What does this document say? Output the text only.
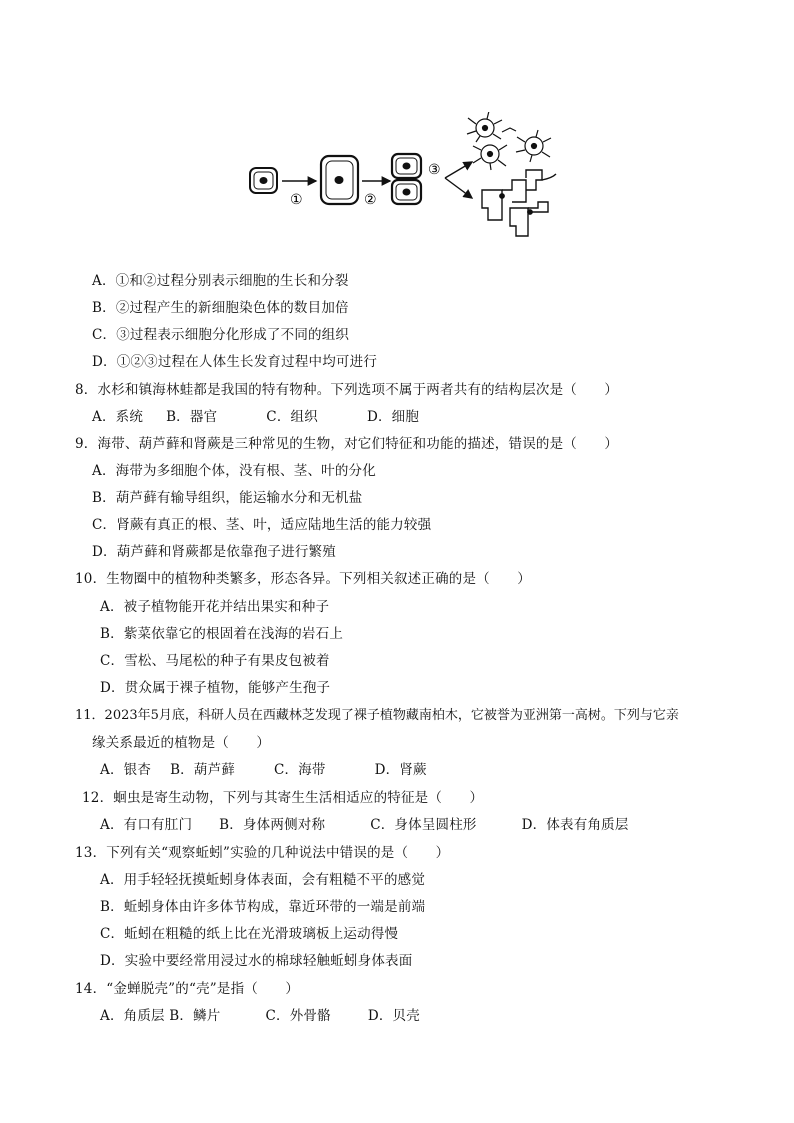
①	②
③
A．①和②过程分别表示细胞的生长和分裂
B．②过程产生的新细胞染色体的数目加倍
C．③过程表示细胞分化形成了不同的组织
D．①②③过程在人体生长发育过程中均可进行
8．水杉和镇海林蛙都是我国的特有物种。下列选项不属于两者共有的结构层次是（　　）
A．系统 B．器官	C．组织	D．细胞
9．海带、葫芦藓和肾蕨是三种常见的生物，对它们特征和功能的描述，错误的是（　　）
A．海带为多细胞个体，没有根、茎、叶的分化
B．葫芦藓有输导组织，能运输水分和无机盐
C．肾蕨有真正的根、茎、叶，适应陆地生活的能力较强
D．葫芦藓和肾蕨都是依靠孢子进行繁殖
10．生物圈中的植物种类繁多，形态各异。下列相关叙述正确的是（　　）
A．被子植物能开花并结出果实和种子
B．紫菜依靠它的根固着在浅海的岩石上
C．雪松、马尾松的种子有果皮包被着
D．贯众属于裸子植物，能够产生孢子
11．2023年5月底，科研人员在西藏林芝发现了裸子植物藏南柏木，它被誉为亚洲第一高树。下列与它亲
缘关系最近的植物是（　　）
A．银杏 B．葫芦藓	C．海带	D．肾蕨
12．蛔虫是寄生动物，下列与其寄生生活相适应的特征是（　　）
A．有口有肛门 B．身体两侧对称	C．身体呈圆柱形	D．体表有角质层
13．下列有关“观察蚯蚓”实验的几种说法中错误的是（　　）
A．用手轻轻抚摸蚯蚓身体表面，会有粗糙不平的感觉
B．蚯蚓身体由许多体节构成，靠近环带的一端是前端
C．蚯蚓在粗糙的纸上比在光滑玻璃板上运动得慢
D．实验中要经常用浸过水的棉球轻触蚯蚓身体表面
14．“金蝉脱壳”的“壳”是指（　　）
A．角质层 B．鳞片	C．外骨骼	D．贝壳
